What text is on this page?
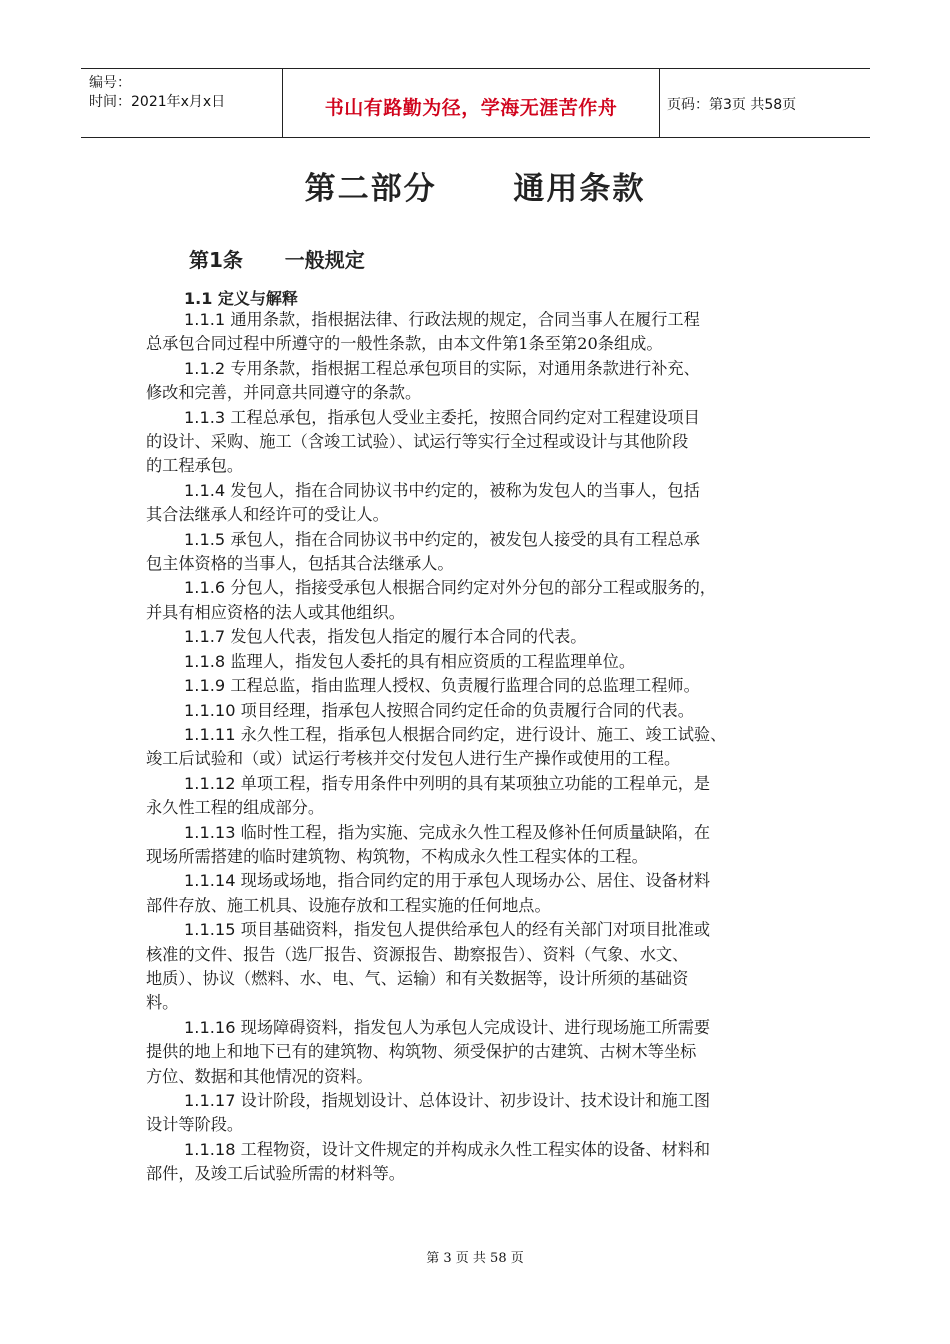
编号：
时间：2021年x月x日	书山有路勤为径，学海无涯苦作舟	页码：第3页 共58页
第二部分      通用条款
第1条      一般规定
1.1 定义与解释

1.1.1 通用条款，指根据法律、行政法规的规定，合同当事人在履行工程
总承包合同过程中所遵守的一般性条款，由本文件第1条至第20条组成。

1.1.2 专用条款，指根据工程总承包项目的实际，对通用条款进行补充、
修改和完善，并同意共同遵守的条款。

1.1.3 工程总承包，指承包人受业主委托，按照合同约定对工程建设项目
的设计、采购、施工（含竣工试验）、试运行等实行全过程或设计与其他阶段
的工程承包。

1.1.4 发包人，指在合同协议书中约定的，被称为发包人的当事人，包括
其合法继承人和经许可的受让人。

1.1.5 承包人，指在合同协议书中约定的，被发包人接受的具有工程总承
包主体资格的当事人，包括其合法继承人。

1.1.6 分包人，指接受承包人根据合同约定对外分包的部分工程或服务的，
并具有相应资格的法人或其他组织。

1.1.7 发包人代表，指发包人指定的履行本合同的代表。

1.1.8 监理人，指发包人委托的具有相应资质的工程监理单位。

1.1.9 工程总监，指由监理人授权、负责履行监理合同的总监理工程师。

1.1.10 项目经理，指承包人按照合同约定任命的负责履行合同的代表。

1.1.11 永久性工程，指承包人根据合同约定，进行设计、施工、竣工试验、
竣工后试验和（或）试运行考核并交付发包人进行生产操作或使用的工程。

1.1.12 单项工程，指专用条件中列明的具有某项独立功能的工程单元，是
永久性工程的组成部分。

1.1.13 临时性工程，指为实施、完成永久性工程及修补任何质量缺陷，在
现场所需搭建的临时建筑物、构筑物，不构成永久性工程实体的工程。

1.1.14 现场或场地，指合同约定的用于承包人现场办公、居住、设备材料
部件存放、施工机具、设施存放和工程实施的任何地点。

1.1.15 项目基础资料，指发包人提供给承包人的经有关部门对项目批准或
核准的文件、报告（选厂报告、资源报告、勘察报告）、资料（气象、水文、
地质）、协议（燃料、水、电、气、运输）和有关数据等，设计所须的基础资
料。

1.1.16 现场障碍资料，指发包人为承包人完成设计、进行现场施工所需要
提供的地上和地下已有的建筑物、构筑物、须受保护的古建筑、古树木等坐标
方位、数据和其他情况的资料。

1.1.17 设计阶段，指规划设计、总体设计、初步设计、技术设计和施工图
设计等阶段。

1.1.18 工程物资，设计文件规定的并构成永久性工程实体的设备、材料和
部件，及竣工后试验所需的材料等。

第 3 页 共 58 页
